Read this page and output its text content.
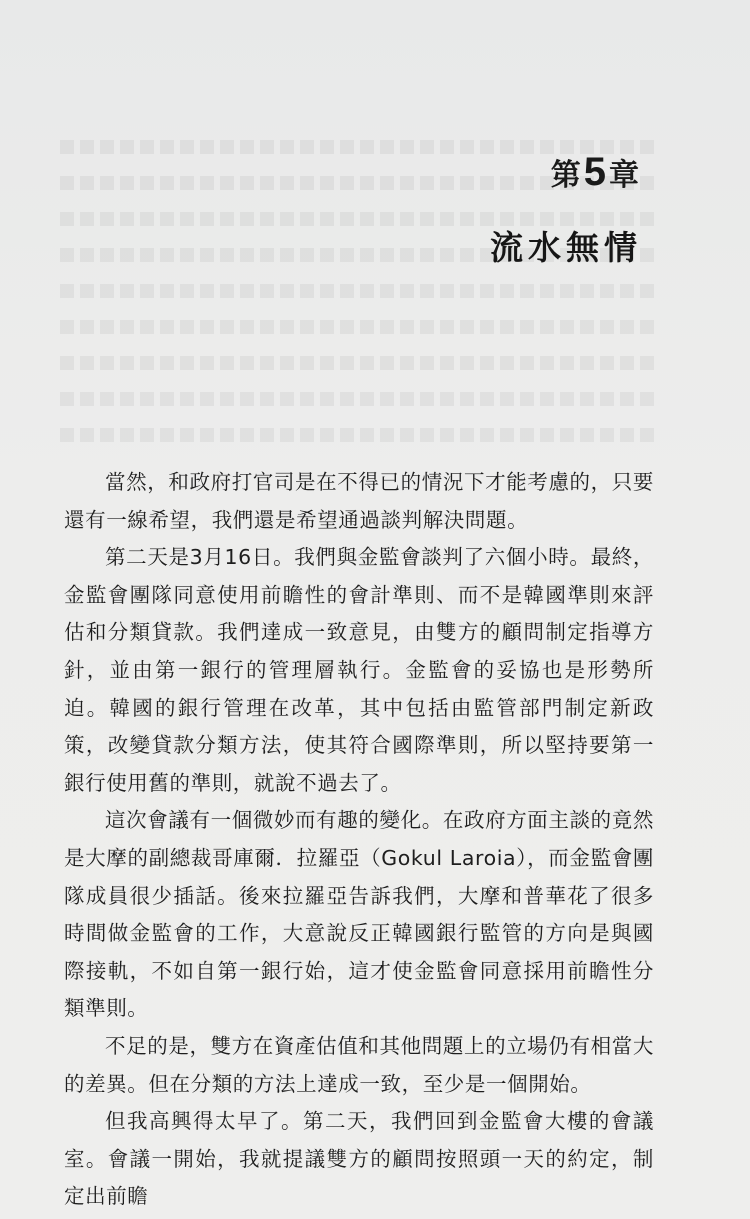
第5章
流水無情

當然，和政府打官司是在不得已的情況下才能考慮的，只要還有一線希望，我們還是希望通過談判解決問題。

第二天是3月16日。我們與金監會談判了六個小時。最終，金監會團隊同意使用前瞻性的會計準則、而不是韓國準則來評估和分類貸款。我們達成一致意見，由雙方的顧問制定指導方針，並由第一銀行的管理層執行。金監會的妥協也是形勢所迫。韓國的銀行管理在改革，其中包括由監管部門制定新政策，改變貸款分類方法，使其符合國際準則，所以堅持要第一銀行使用舊的準則，就說不過去了。

這次會議有一個微妙而有趣的變化。在政府方面主談的竟然是大摩的副總裁哥庫爾．拉羅亞（Gokul Laroia），而金監會團隊成員很少插話。後來拉羅亞告訴我們，大摩和普華花了很多時間做金監會的工作，大意說反正韓國銀行監管的方向是與國際接軌，不如自第一銀行始，這才使金監會同意採用前瞻性分類準則。

不足的是，雙方在資產估值和其他問題上的立場仍有相當大的差異。但在分類的方法上達成一致，至少是一個開始。

但我高興得太早了。第二天，我們回到金監會大樓的會議室。會議一開始，我就提議雙方的顧問按照頭一天的約定，制定出前瞻
